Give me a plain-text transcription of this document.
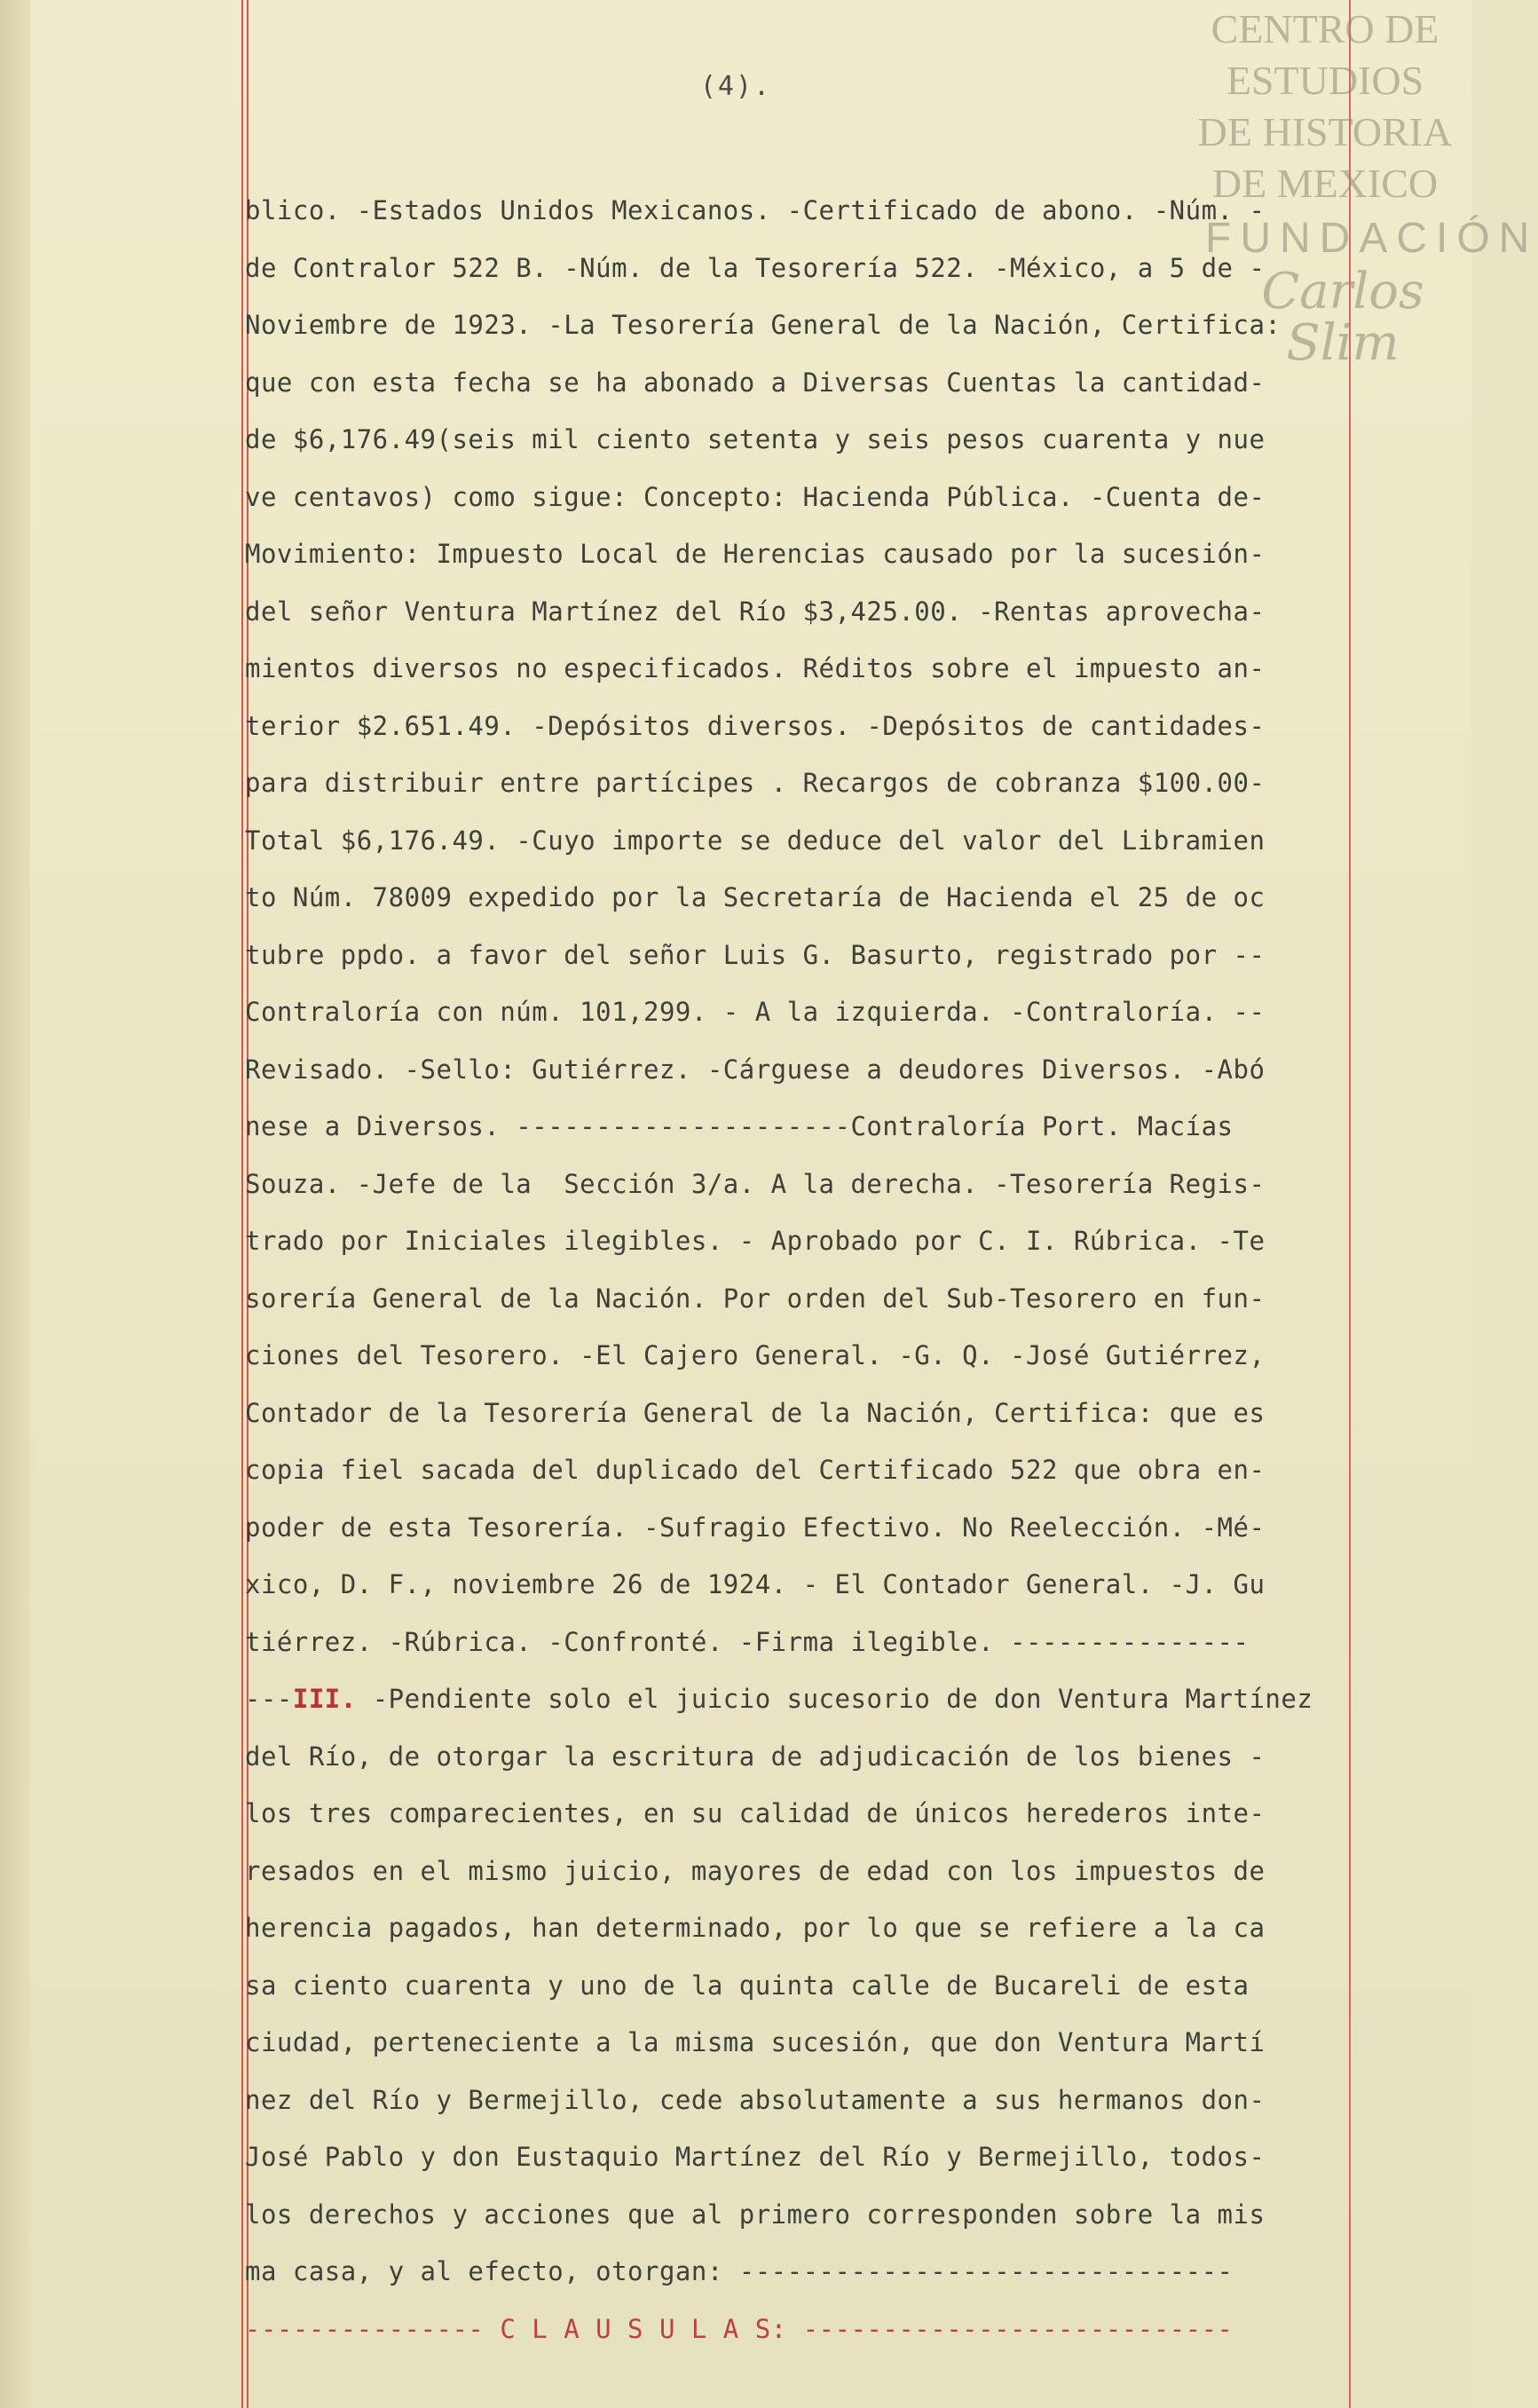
(4).
blico. -Estados Unidos Mexicanos. -Certificado de abono. -Núm. -
de Contralor 522 B. -Núm. de la Tesorería 522. -México, a 5 de -
Noviembre de 1923. -La Tesorería General de la Nación, Certifica:
que con esta fecha se ha abonado a Diversas Cuentas la cantidad-
de $6,176.49(seis mil ciento setenta y seis pesos cuarenta y nue
ve centavos) como sigue: Concepto: Hacienda Pública. -Cuenta de-
Movimiento: Impuesto Local de Herencias causado por la sucesión-
del señor Ventura Martínez del Río $3,425.00. -Rentas aprovecha-
mientos diversos no especificados. Réditos sobre el impuesto an-
terior $2.651.49. -Depósitos diversos. -Depósitos de cantidades-
para distribuir entre partícipes . Recargos de cobranza $100.00-
Total $6,176.49. -Cuyo importe se deduce del valor del Libramien
to Núm. 78009 expedido por la Secretaría de Hacienda el 25 de oc
tubre ppdo. a favor del señor Luis G. Basurto, registrado por --
Contraloría con núm. 101,299. - A la izquierda. -Contraloría. --
Revisado. -Sello: Gutiérrez. -Cárguese a deudores Diversos. -Abó
nese a Diversos. ---------------------Contraloría Port. Macías
Souza. -Jefe de la  Sección 3/a. A la derecha. -Tesorería Regis-
trado por Iniciales ilegibles. - Aprobado por C. I. Rúbrica. -Te
sorería General de la Nación. Por orden del Sub-Tesorero en fun-
ciones del Tesorero. -El Cajero General. -G. Q. -José Gutiérrez,
Contador de la Tesorería General de la Nación, Certifica: que es
copia fiel sacada del duplicado del Certificado 522 que obra en-
poder de esta Tesorería. -Sufragio Efectivo. No Reelección. -Mé-
xico, D. F., noviembre 26 de 1924. - El Contador General. -J. Gu
tiérrez. -Rúbrica. -Confronté. -Firma ilegible. ---------------
---III. -Pendiente solo el juicio sucesorio de don Ventura Martínez
del Río, de otorgar la escritura de adjudicación de los bienes -
los tres comparecientes, en su calidad de únicos herederos inte-
resados en el mismo juicio, mayores de edad con los impuestos de
herencia pagados, han determinado, por lo que se refiere a la ca
sa ciento cuarenta y uno de la quinta calle de Bucareli de esta
ciudad, perteneciente a la misma sucesión, que don Ventura Martí
nez del Río y Bermejillo, cede absolutamente a sus hermanos don-
José Pablo y don Eustaquio Martínez del Río y Bermejillo, todos-
los derechos y acciones que al primero corresponden sobre la mis
ma casa, y al efecto, otorgan: -------------------------------
--------------- C L A U S U L A S: ---------------------------
CENTRO DE
ESTUDIOS
DE HISTORIA
DE MEXICO
FUNDACIÓN
Carlos Slim
